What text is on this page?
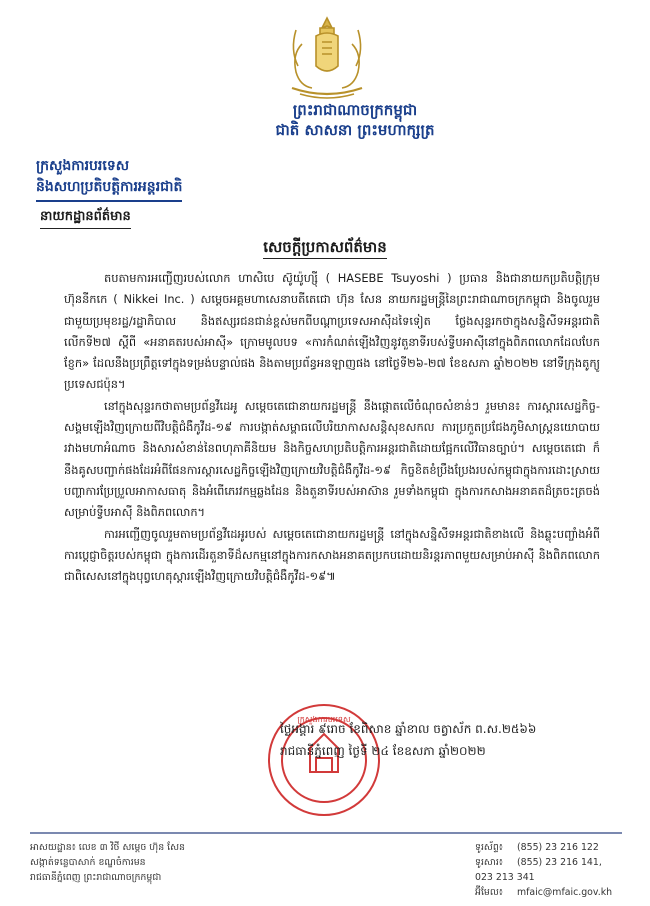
ព្រះរាជាណាចក្រកម្ពុជា
ជាតិ សាសនា ព្រះមហាក្សត្រ
ក្រសួងការបរទេស
និងសហប្រតិបត្តិការអន្តរជាតិ
នាយកដ្ឋានព័ត៌មាន
សេចក្ដីប្រកាសព័ត៌មាន

តបតាមការអញ្ជើញរបស់លោក ហាសិបេ ស៊ូយ៉ូហ្ស៊ី ( HASEBE Tsuyoshi ) ប្រធាន និងជានាយកប្រតិបត្តិក្រុមហ៊ុននីកកេ ( Nikkei Inc. ) សម្ដេចអគ្គមហាសេនាបតីតេជោ ហ៊ុន សែន នាយករដ្ឋមន្ត្រីនៃព្រះរាជាណាចក្រកម្ពុជា និងចូលរួមជាមួយប្រមុខរដ្ឋ/រដ្ឋាភិបាល និងឥស្សរជនជាន់ខ្ពស់មកពីបណ្ដាប្រទេសអាស៊ីដទៃទៀត ថ្លែងសុន្ទរកថាក្នុងសន្និសីទអន្តរជាតិលើកទី២៧ ស្ដីពី «អនាគតរបស់អាស៊ី» ក្រោមមូលបទ «ការកំណត់ឡើងវិញនូវតួនាទីរបស់ទ្វីបអាស៊ីនៅក្នុងពិភពលោកដែលបែកខ្ញែក» ដែលនឹងប្រព្រឹត្តទៅក្នុងទម្រង់បន្ទាល់ផង និងតាមប្រព័ន្ធអនឡាញផង នៅថ្ងៃទី២៦-២៧ ខែឧសភា ឆ្នាំ២០២២ នៅទីក្រុងតូក្យូ ប្រទេសជប៉ុន។

នៅក្នុងសុន្ទរកថាតាមប្រព័ន្ធវីដេអូ សម្ដេចតេជោនាយករដ្ឋមន្ត្រី នឹងផ្ដោតលើចំណុចសំខាន់ៗ រួមមាន៖ ការស្ដារសេដ្ឋកិច្ច-សង្គមឡើងវិញក្រោយពីវិបត្តិជំងឺកូវីដ-១៩ ការបង្កាត់សម្ពាធលើបរិយាកាសសន្តិសុខសកល ការប្រកួតប្រជែងភូមិសាស្ត្រនយោបាយរវាងមហាអំណាច និងសារសំខាន់នៃពហុភាគីនិយម និងកិច្ចសហប្រតិបត្តិការអន្តរជាតិដោយផ្អែកលើវិធានច្បាប់។ សម្ដេចតេជោ ក៏នឹងគូសបញ្ជាក់ផងដែរអំពីផែនការស្ដារសេដ្ឋកិច្ចឡើងវិញក្រោយវិបត្តិជំងឺកូវីដ-១៩ កិច្ចខិតខំប្រឹងប្រែងរបស់កម្ពុជាក្នុងការដោះស្រាយបញ្ហាការប្រែប្រួលអាកាសធាតុ និងអំពើភេរវកម្មឆ្លងដែន និងតួនាទីរបស់អាស៊ាន រួមទាំងកម្ពុជា ក្នុងការកសាងអនាគតដ៏ត្រចះត្រចង់សម្រាប់ទ្វីបអាស៊ី និងពិភពលោក។

ការអញ្ជើញចូលរួមតាមប្រព័ន្ធវីដេអូរបស់ សម្ដេចតេជោនាយករដ្ឋមន្ត្រី នៅក្នុងសន្និសីទអន្តរជាតិខាងលើ និងឆ្លុះបញ្ចាំងអំពីការប្ដេជ្ញាចិត្តរបស់កម្ពុជា ក្នុងការដើរតួនាទីដ៏សកម្មនៅក្នុងការកសាងអនាគតប្រកបដោយនិរន្តរភាពមួយសម្រាប់អាស៊ី និងពិភពលោក ជាពិសេសនៅក្នុងបុព្វហេតុស្ដារឡើងវិញក្រោយវិបត្តិជំងឺកូវីដ-១៩៕

ក្រសួងការបរទេស
ថ្ងៃអង្គារ ៩រោច ខែពិសាខ ឆ្នាំខាល ចត្វាស័ក ព.ស.២៥៦៦
រាជធានីភ្នំពេញ ថ្ងៃទី ២៤ ខែឧសភា ឆ្នាំ២០២២
អាសយដ្ឋាន៖ លេខ ៣ វិថី សម្ដេច ហ៊ុន សែន
សង្កាត់ទន្លេបាសាក់ ខណ្ឌចំការមន
រាជធានីភ្នំពេញ ព្រះរាជាណាចក្រកម្ពុជា
ទូរស័ព្ទ៖ (855) 23 216 122
ទូរសារ៖ (855) 23 216 141, 023 213 341
អ៊ីមែល៖ mfaic@mfaic.gov.kh
